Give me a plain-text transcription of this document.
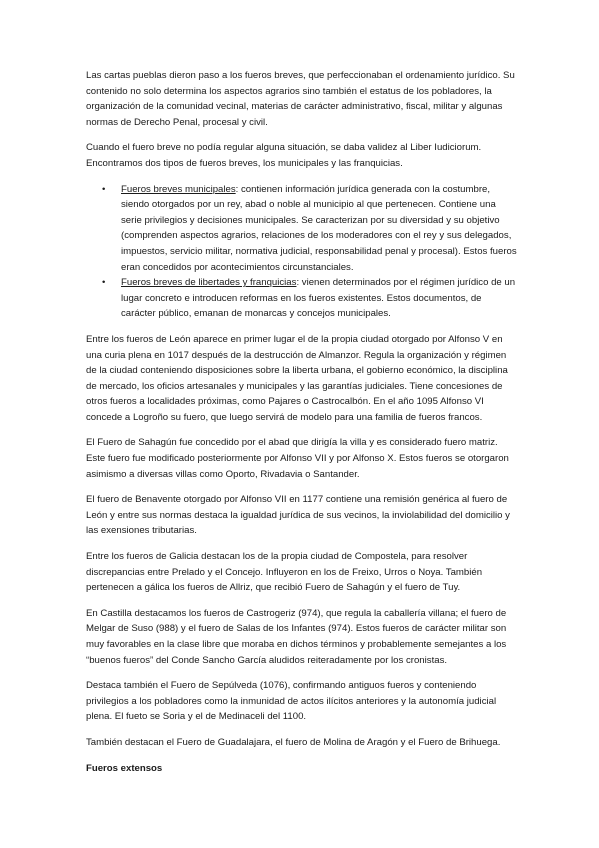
Las cartas pueblas dieron paso a los fueros breves, que perfeccionaban el ordenamiento jurídico. Su contenido no solo determina los aspectos agrarios sino también el estatus de los pobladores, la organización de la comunidad vecinal, materias de carácter administrativo, fiscal, militar y algunas normas de Derecho Penal, procesal y civil.

Cuando el fuero breve no podía regular alguna situación, se daba validez al Liber Iudiciorum. Encontramos dos tipos de fueros breves, los municipales y las franquicias.

• Fueros breves municipales: contienen información jurídica generada con la costumbre, siendo otorgados por un rey, abad o noble al municipio al que pertenecen. Contiene una serie privilegios y decisiones municipales. Se caracterizan por su diversidad y su objetivo (comprenden aspectos agrarios, relaciones de los moderadores con el rey y sus delegados, impuestos, servicio militar, normativa judicial, responsabilidad penal y procesal). Estos fueros eran concedidos por acontecimientos circunstanciales.
• Fueros breves de libertades y franquicias: vienen determinados por el régimen jurídico de un lugar concreto e introducen reformas en los fueros existentes. Estos documentos, de carácter público, emanan de monarcas y concejos municipales.

Entre los fueros de León aparece en primer lugar el de la propia ciudad otorgado por Alfonso V en una curia plena en 1017 después de la destrucción de Almanzor. Regula la organización y régimen de la ciudad conteniendo disposiciones sobre la liberta urbana, el gobierno económico, la disciplina de mercado, los oficios artesanales y municipales y las garantías judiciales. Tiene concesiones de otros fueros a localidades próximas, como Pajares o Castrocalbón. En el año 1095 Alfonso VI concede a Logroño su fuero, que luego servirá de modelo para una familia de fueros francos.

El Fuero de Sahagún fue concedido por el abad que dirigía la villa y es considerado fuero matriz. Este fuero fue modificado posteriormente por Alfonso VII y por Alfonso X. Estos fueros se otorgaron asimismo a diversas villas como Oporto, Rivadavia o Santander.

El fuero de Benavente otorgado por Alfonso VII en 1177 contiene una remisión genérica al fuero de León y entre sus normas destaca la igualdad jurídica de sus vecinos, la inviolabilidad del domicilio y las exensiones tributarias.

Entre los fueros de Galicia destacan los de la propia ciudad de Compostela, para resolver discrepancias entre Prelado y el Concejo. Influyeron en los de Freixo, Urros o Noya. También pertenecen a gálica los fueros de Allriz, que recibió Fuero de Sahagún y el fuero de Tuy.

En Castilla destacamos los fueros de Castrogeriz (974), que regula la caballería villana; el fuero de Melgar de Suso (988) y el fuero de Salas de los Infantes (974). Estos fueros de carácter militar son muy favorables en la clase libre que moraba en dichos términos y probablemente semejantes a los “buenos fueros” del Conde Sancho García aludidos reiteradamente por los cronistas.

Destaca también el Fuero de Sepúlveda (1076), confirmando antiguos fueros y conteniendo privilegios a los pobladores como la inmunidad de actos ilícitos anteriores y la autonomía judicial plena. El fueto se Soria y el de Medinaceli del 1100.

También destacan el Fuero de Guadalajara, el fuero de Molina de Aragón y el Fuero de Brihuega.

Fueros extensos
